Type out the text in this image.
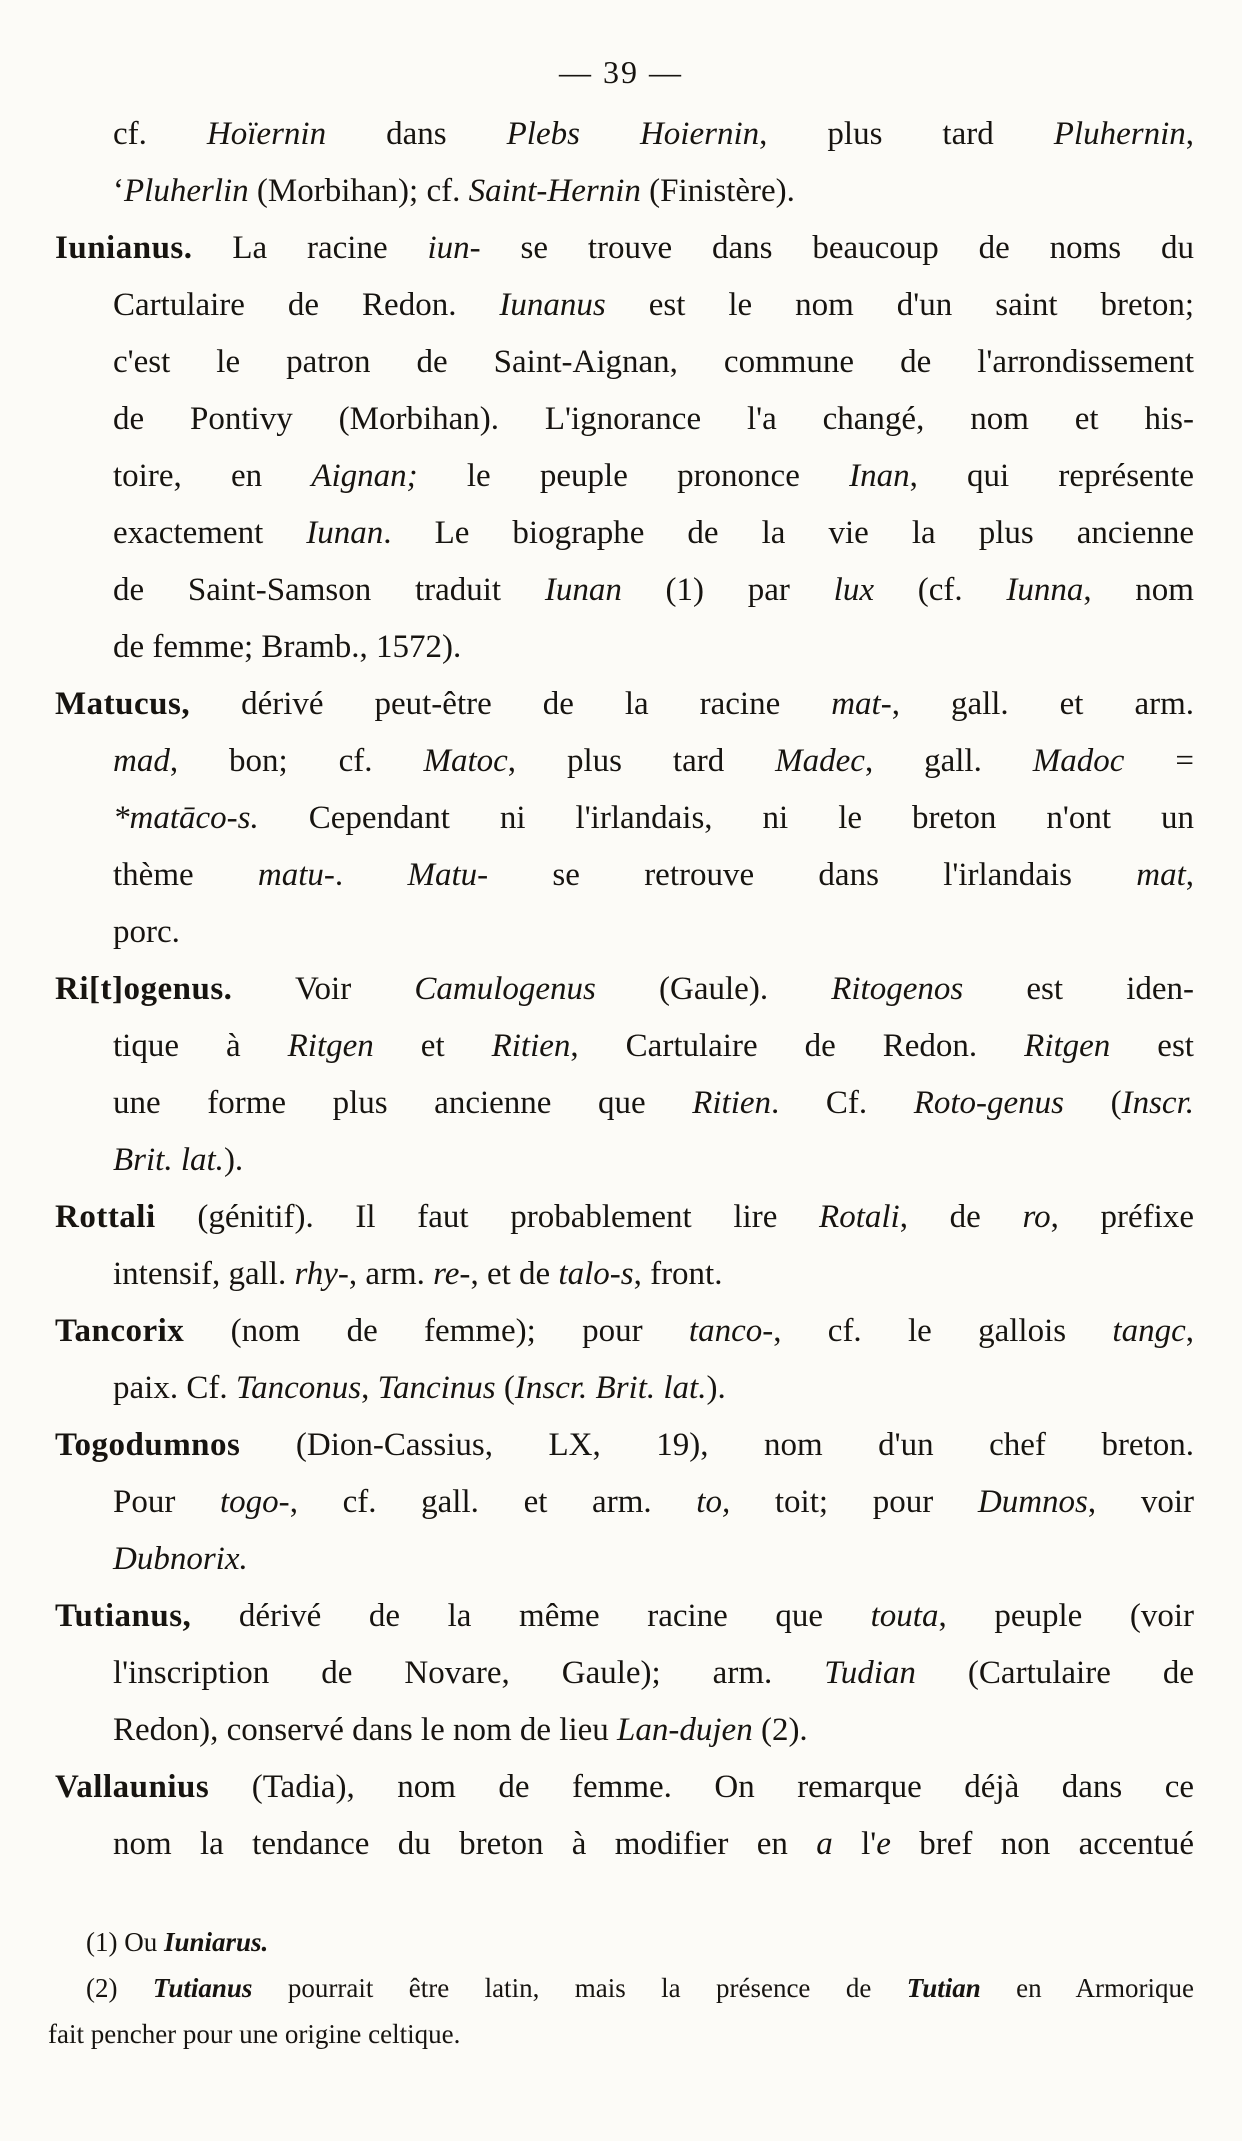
— 39 —
cf. Hoïernin dans Plebs Hoiernin, plus tard Pluhernin,
‘Pluherlin (Morbihan); cf. Saint-Hernin (Finistère).
Iunianus. La racine iun- se trouve dans beaucoup de noms du
Cartulaire de Redon. Iunanus est le nom d'un saint breton;
c'est le patron de Saint-Aignan, commune de l'arrondissement
de Pontivy (Morbihan). L'ignorance l'a changé, nom et his-
toire, en Aignan; le peuple prononce Inan, qui représente
exactement Iunan. Le biographe de la vie la plus ancienne
de Saint-Samson traduit Iunan (1) par lux (cf. Iunna, nom
de femme; Bramb., 1572).
Matucus, dérivé peut-être de la racine mat-, gall. et arm.
mad, bon; cf. Matoc, plus tard Madec, gall. Madoc =
*matāco-s. Cependant ni l'irlandais, ni le breton n'ont un
thème matu-. Matu- se retrouve dans l'irlandais mat,
porc.
Ri[t]ogenus. Voir Camulogenus (Gaule). Ritogenos est iden-
tique à Ritgen et Ritien, Cartulaire de Redon. Ritgen est
une forme plus ancienne que Ritien. Cf. Roto-genus (Inscr.
Brit. lat.).
Rottali (génitif). Il faut probablement lire Rotali, de ro, préfixe
intensif, gall. rhy-, arm. re-, et de talo-s, front.
Tancorix (nom de femme); pour tanco-, cf. le gallois tangc,
paix. Cf. Tanconus, Tancinus (Inscr. Brit. lat.).
Togodumnos (Dion-Cassius, LX, 19), nom d'un chef breton.
Pour togo-, cf. gall. et arm. to, toit; pour Dumnos, voir
Dubnorix.
Tutianus, dérivé de la même racine que touta, peuple (voir
l'inscription de Novare, Gaule); arm. Tudian (Cartulaire de
Redon), conservé dans le nom de lieu Lan-dujen (2).
Vallaunius (Tadia), nom de femme. On remarque déjà dans ce
nom la tendance du breton à modifier en a l'e bref non accentué
(1) Ou Iuniarus.
(2) Tutianus pourrait être latin, mais la présence de Tutian en Armorique
fait pencher pour une origine celtique.
